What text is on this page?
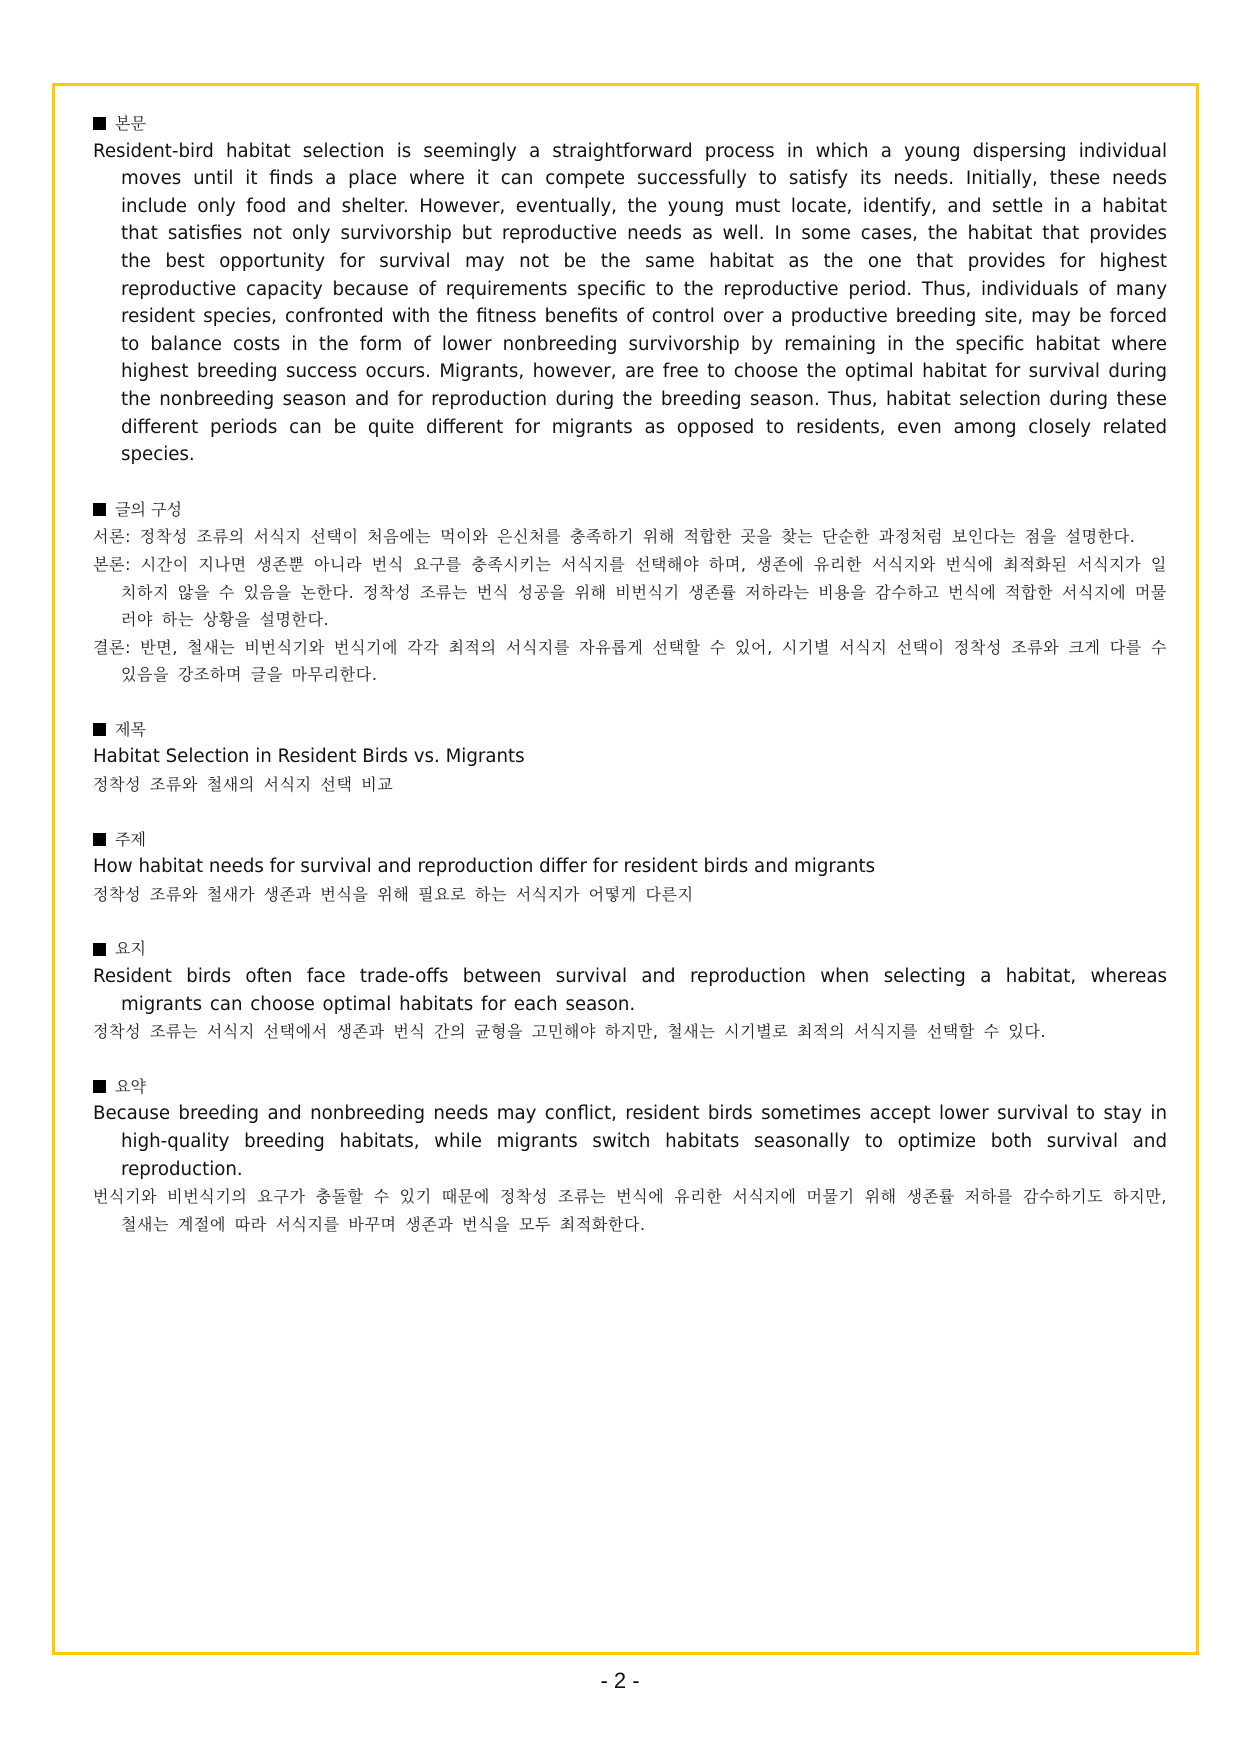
본문

Resident-bird habitat selection is seemingly a straightforward process in which a young dispersing individual moves until it finds a place where it can compete successfully to satisfy its needs. Initially, these needs include only food and shelter. However, eventually, the young must locate, identify, and settle in a habitat that satisfies not only survivorship but reproductive needs as well. In some cases, the habitat that provides the best opportunity for survival may not be the same habitat as the one that provides for highest reproductive capacity because of requirements specific to the reproductive period. Thus, individuals of many resident species, confronted with the fitness benefits of control over a productive breeding site, may be forced to balance costs in the form of lower nonbreeding survivorship by remaining in the specific habitat where highest breeding success occurs. Migrants, however, are free to choose the optimal habitat for survival during the nonbreeding season and for reproduction during the breeding season. Thus, habitat selection during these different periods can be quite different for migrants as opposed to residents, even among closely related species.

글의 구성

서론: 정착성 조류의 서식지 선택이 처음에는 먹이와 은신처를 충족하기 위해 적합한 곳을 찾는 단순한 과정처럼 보인다는 점을 설명한다.

본론: 시간이 지나면 생존뿐 아니라 번식 요구를 충족시키는 서식지를 선택해야 하며, 생존에 유리한 서식지와 번식에 최적화된 서식지가 일치하지 않을 수 있음을 논한다. 정착성 조류는 번식 성공을 위해 비번식기 생존률 저하라는 비용을 감수하고 번식에 적합한 서식지에 머물러야 하는 상황을 설명한다.

결론: 반면, 철새는 비번식기와 번식기에 각각 최적의 서식지를 자유롭게 선택할 수 있어, 시기별 서식지 선택이 정착성 조류와 크게 다를 수 있음을 강조하며 글을 마무리한다.

제목

Habitat Selection in Resident Birds vs. Migrants

정착성 조류와 철새의 서식지 선택 비교

주제

How habitat needs for survival and reproduction differ for resident birds and migrants

정착성 조류와 철새가 생존과 번식을 위해 필요로 하는 서식지가 어떻게 다른지

요지

Resident birds often face trade-offs between survival and reproduction when selecting a habitat, whereas migrants can choose optimal habitats for each season.

정착성 조류는 서식지 선택에서 생존과 번식 간의 균형을 고민해야 하지만, 철새는 시기별로 최적의 서식지를 선택할 수 있다.

요약

Because breeding and nonbreeding needs may conflict, resident birds sometimes accept lower survival to stay in high-quality breeding habitats, while migrants switch habitats seasonally to optimize both survival and reproduction.

번식기와 비번식기의 요구가 충돌할 수 있기 때문에 정착성 조류는 번식에 유리한 서식지에 머물기 위해 생존률 저하를 감수하기도 하지만, 철새는 계절에 따라 서식지를 바꾸며 생존과 번식을 모두 최적화한다.

- 2 -
